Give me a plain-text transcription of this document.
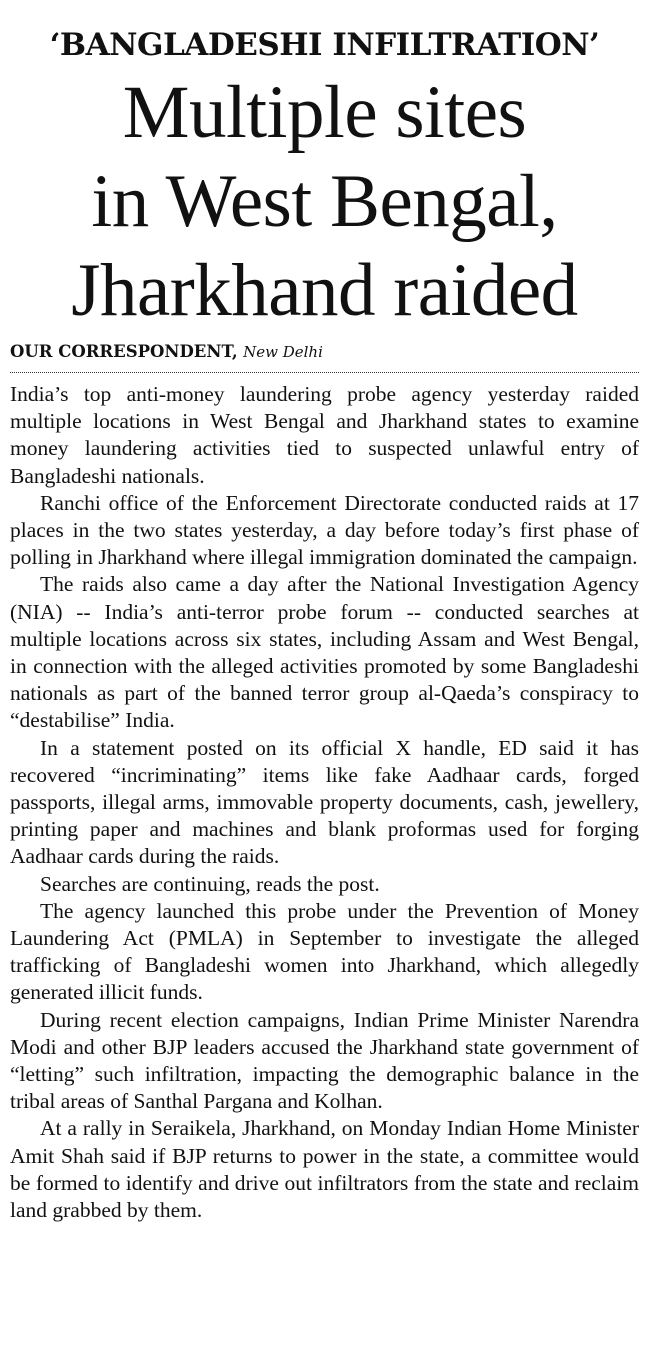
‘BANGLADESHI INFILTRATION’
Multiple sites
in West Bengal,
Jharkhand raided
OUR CORRESPONDENT, New Delhi

India’s top anti-money laundering probe agency yesterday raided multiple locations in West Bengal and Jharkhand states to examine money laundering activities tied to suspected unlawful entry of Bangladeshi nationals.

Ranchi office of the Enforcement Directorate conducted raids at 17 places in the two states yesterday, a day before today’s first phase of polling in Jharkhand where illegal immigration dominated the campaign.

The raids also came a day after the National Investigation Agency (NIA) -- India’s anti-terror probe forum -- conducted searches at multiple locations across six states, including Assam and West Bengal, in connection with the alleged activities promoted by some Bangladeshi nationals as part of the banned terror group al-Qaeda’s conspiracy to “destabilise” India.

In a statement posted on its official X handle, ED said it has recovered “incriminating” items like fake Aadhaar cards, forged passports, illegal arms, immovable property documents, cash, jewellery, printing paper and machines and blank proformas used for forging Aadhaar cards during the raids.

Searches are continuing, reads the post.

The agency launched this probe under the Prevention of Money Laundering Act (PMLA) in September to investigate the alleged trafficking of Bangladeshi women into Jharkhand, which allegedly generated illicit funds.

During recent election campaigns, Indian Prime Minister Narendra Modi and other BJP leaders accused the Jharkhand state government of “letting” such infiltration, impacting the demographic balance in the tribal areas of Santhal Pargana and Kolhan.

At a rally in Seraikela, Jharkhand, on Monday Indian Home Minister Amit Shah said if BJP returns to power in the state, a committee would be formed to identify and drive out infiltrators from the state and reclaim land grabbed by them.
